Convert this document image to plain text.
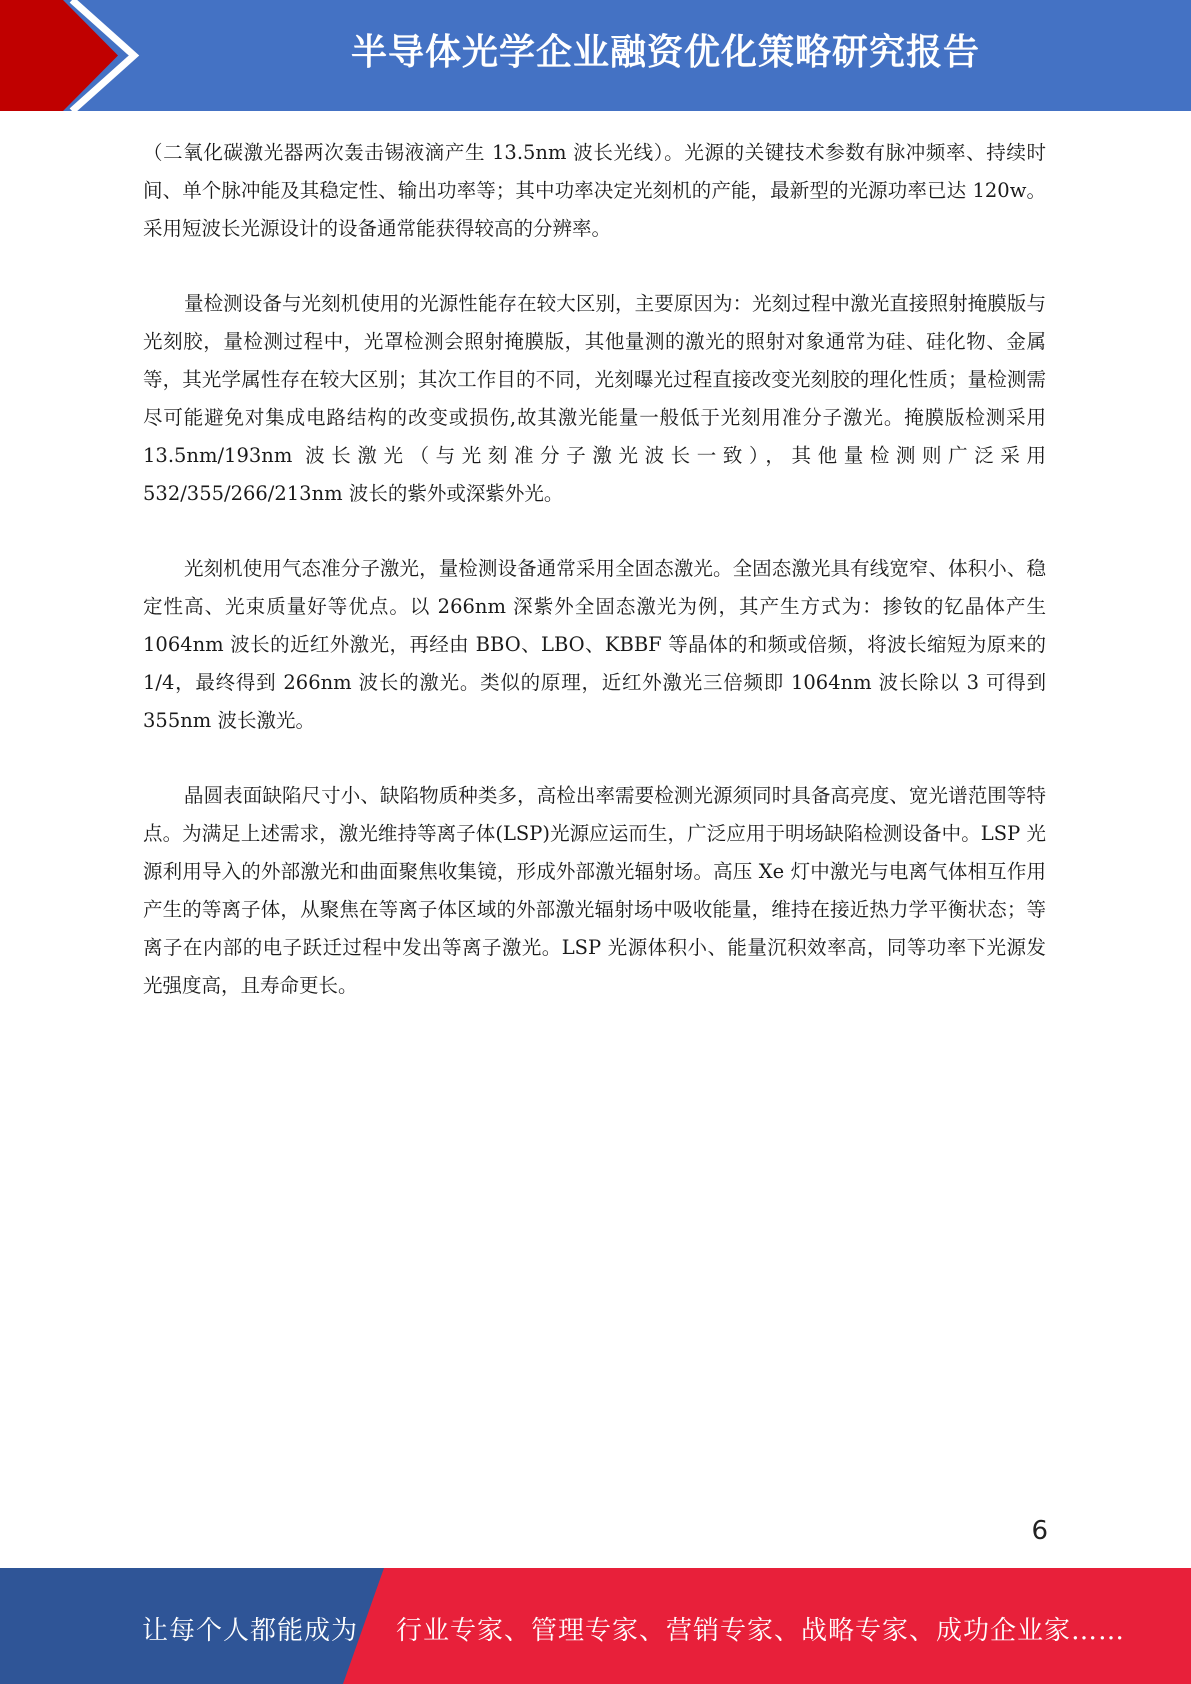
半导体光学企业融资优化策略研究报告

（二氧化碳激光器两次轰击锡液滴产生 13.5nm 波长光线）。光源的关键技术参数有脉冲频率、持续时间、单个脉冲能及其稳定性、输出功率等；其中功率决定光刻机的产能，最新型的光源功率已达 120w。采用短波长光源设计的设备通常能获得较高的分辨率。

量检测设备与光刻机使用的光源性能存在较大区别，主要原因为：光刻过程中激光直接照射掩膜版与光刻胶，量检测过程中，光罩检测会照射掩膜版，其他量测的激光的照射对象通常为硅、硅化物、金属等，其光学属性存在较大区别；其次工作目的不同，光刻曝光过程直接改变光刻胶的理化性质；量检测需尽可能避免对集成电路结构的改变或损伤,故其激光能量一般低于光刻用准分子激光。掩膜版检测采用 13.5nm/193nm 波长激光（与光刻准分子激光波长一致），其他量检测则广泛采用 532/355/266/213nm 波长的紫外或深紫外光。

光刻机使用气态准分子激光，量检测设备通常采用全固态激光。全固态激光具有线宽窄、体积小、稳定性高、光束质量好等优点。以 266nm 深紫外全固态激光为例，其产生方式为：掺钕的钇晶体产生 1064nm 波长的近红外激光，再经由 BBO、LBO、KBBF 等晶体的和频或倍频，将波长缩短为原来的 1/4，最终得到 266nm 波长的激光。类似的原理，近红外激光三倍频即 1064nm 波长除以 3 可得到 355nm 波长激光。

晶圆表面缺陷尺寸小、缺陷物质种类多，高检出率需要检测光源须同时具备高亮度、宽光谱范围等特点。为满足上述需求，激光维持等离子体(LSP)光源应运而生，广泛应用于明场缺陷检测设备中。LSP 光源利用导入的外部激光和曲面聚焦收集镜，形成外部激光辐射场。高压 Xe 灯中激光与电离气体相互作用产生的等离子体，从聚焦在等离子体区域的外部激光辐射场中吸收能量，维持在接近热力学平衡状态；等离子在内部的电子跃迁过程中发出等离子激光。LSP 光源体积小、能量沉积效率高，同等功率下光源发光强度高，且寿命更长。

6
让每个人都能成为 行业专家、管理专家、营销专家、战略专家、成功企业家……
